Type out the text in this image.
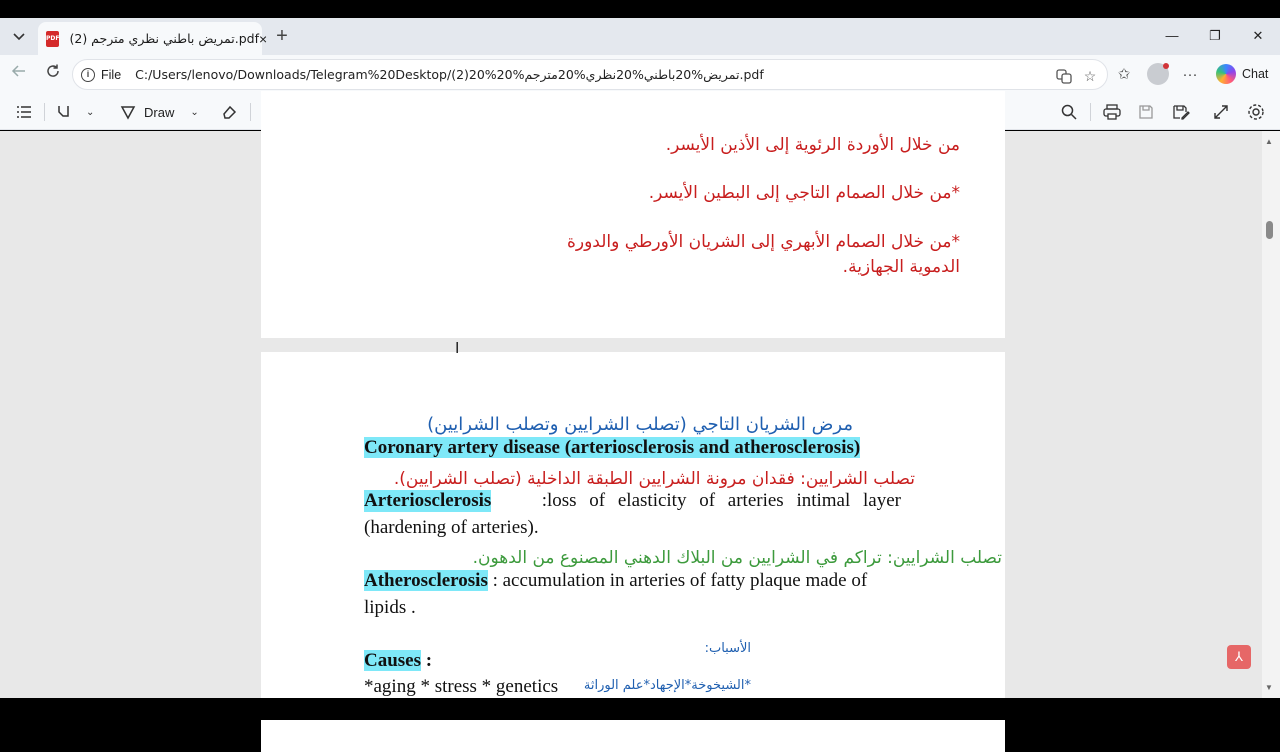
PDF تمريض باطني نظري مترجم (2).pdf × +	—	❐	✕
i File C:/Users/lenovo/Downloads/Telegram%20Desktop/(2)20%20%تمريض%20باطني%20نظري%20مترجم.pdf	☆	✩	···	Chat
⌄	Draw ⌄
من خلال الأوردة الرئوية إلى الأذين الأيسر.
*من خلال الصمام التاجي إلى البطين الأيسر.
*من خلال الصمام الأبهري إلى الشريان الأورطي والدورة
الدموية الجهازية.
مرض الشريان التاجي (تصلب الشرايين وتصلب الشرايين)
Coronary artery disease (arteriosclerosis and atherosclerosis)
تصلب الشرايين: فقدان مرونة الشرايين الطبقة الداخلية (تصلب الشرايين).
Arteriosclerosis	:loss of elasticity of arteries intimal layer
(hardening of arteries).
تصلب الشرايين: تراكم في الشرايين من البلاك الدهني المصنوع من الدهون.
Atherosclerosis : accumulation in arteries of fatty plaque made of
lipids .
الأسباب:
Causes :
*aging * stress * genetics *الشيخوخة*الإجهاد*علم الوراثة
I
▲
▼
⅄
